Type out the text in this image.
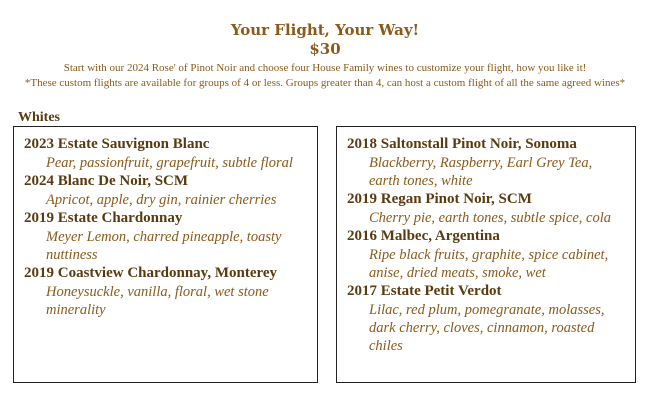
Your Flight, Your Way!
$30
Start with our 2024 Rose' of Pinot Noir and choose four House Family wines to customize your flight, how you like it!
*These custom flights are available for groups of 4 or less. Groups greater than 4, can host a custom flight of all the same agreed wines*
Whites

2023 Estate Sauvignon Blanc

Pear, passionfruit, grapefruit, subtle floral

2024 Blanc De Noir, SCM

Apricot, apple, dry gin, rainier cherries

2019 Estate Chardonnay

Meyer Lemon, charred pineapple, toasty nuttiness

2019 Coastview Chardonnay, Monterey

Honeysuckle, vanilla, floral, wet stone minerality

2018 Saltonstall Pinot Noir, Sonoma

Blackberry, Raspberry, Earl Grey Tea, earth tones, white

2019 Regan Pinot Noir, SCM

Cherry pie, earth tones, subtle spice, cola

2016 Malbec, Argentina

Ripe black fruits, graphite, spice cabinet, anise, dried meats, smoke, wet

2017 Estate Petit Verdot

Lilac, red plum, pomegranate, molasses, dark cherry, cloves, cinnamon, roasted chiles
